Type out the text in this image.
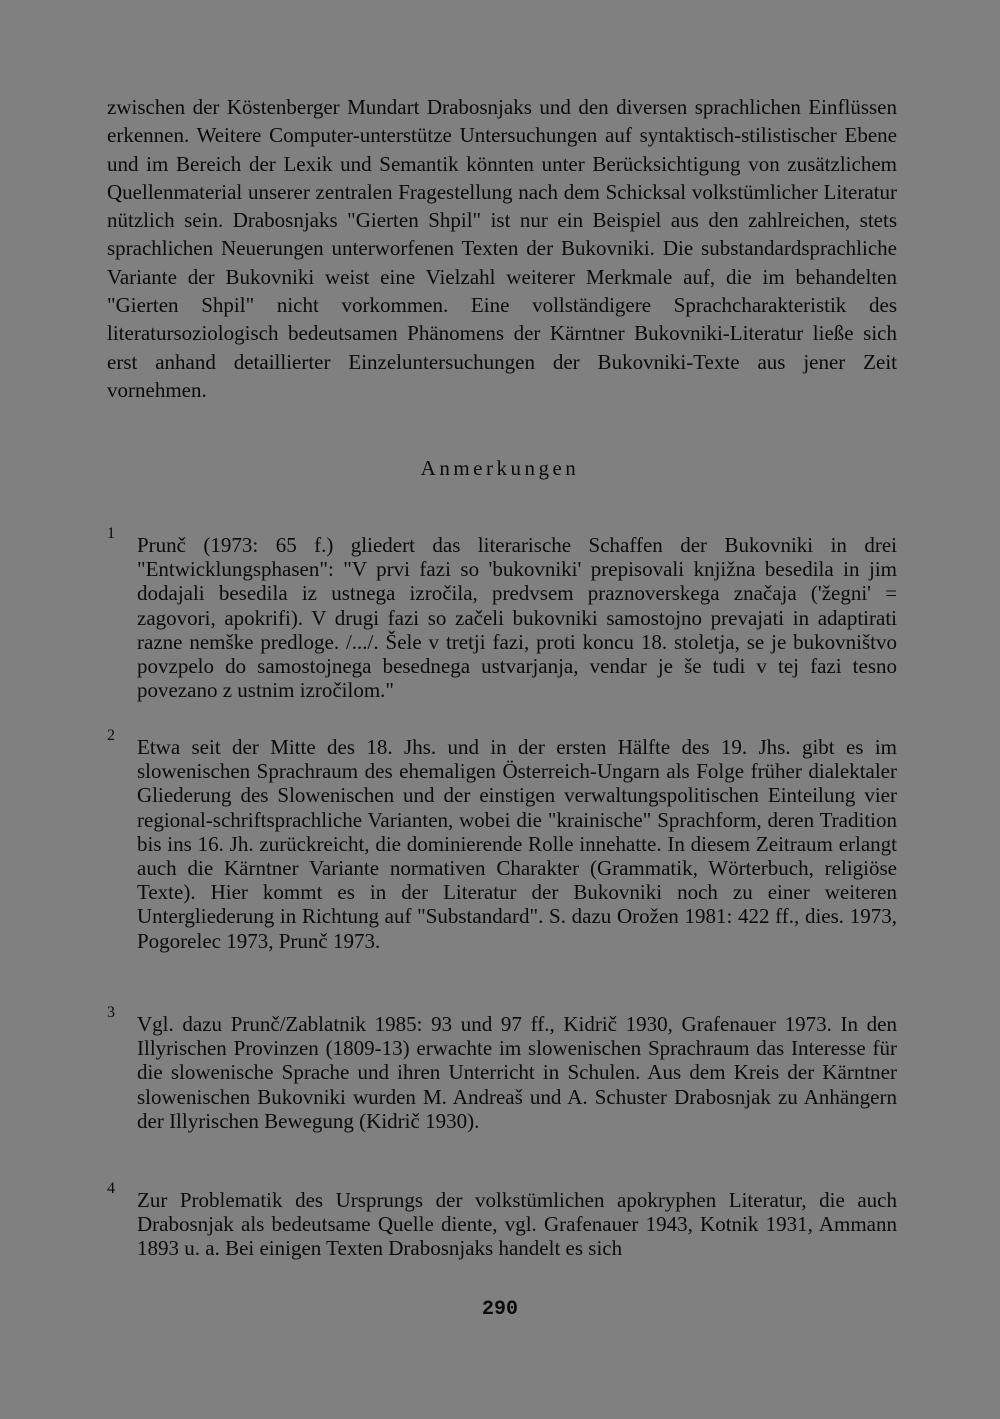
zwischen der Köstenberger Mundart Drabosnjaks und den diversen sprachlichen Einflüssen erkennen. Weitere Computer-unterstütze Untersuchungen auf syntaktisch-stilistischer Ebene und im Bereich der Lexik und Semantik könnten unter Berücksichtigung von zusätzlichem Quellenmaterial unserer zentralen Fragestellung nach dem Schicksal volkstümlicher Literatur nützlich sein. Drabosnjaks "Gierten Shpil" ist nur ein Beispiel aus den zahlreichen, stets sprachlichen Neuerungen unterworfenen Texten der Bukovniki. Die substandardsprachliche Variante der Bukovniki weist eine Vielzahl weiterer Merkmale auf, die im behandelten "Gierten Shpil" nicht vorkommen. Eine vollständigere Sprachcharakteristik des literatursoziologisch bedeutsamen Phänomens der Kärntner Bukovniki-Literatur ließe sich erst anhand detaillierter Einzeluntersuchungen der Bukovniki-Texte aus jener Zeit vornehmen.

Anmerkungen
1 Prunč (1973: 65 f.) gliedert das literarische Schaffen der Bukovniki in drei "Entwicklungsphasen": "V prvi fazi so 'bukovniki' prepisovali knjižna besedila in jim dodajali besedila iz ustnega izročila, predvsem praznoverskega značaja ('žegni' = zagovori, apokrifi). V drugi fazi so začeli bukovniki samostojno prevajati in adaptirati razne nemške predloge. /.../. Šele v tretji fazi, proti koncu 18. stoletja, se je bukovništvo povzpelo do samostojnega besednega ustvarjanja, vendar je še tudi v tej fazi tesno povezano z ustnim izročilom."

2 Etwa seit der Mitte des 18. Jhs. und in der ersten Hälfte des 19. Jhs. gibt es im slowenischen Sprachraum des ehemaligen Österreich-Ungarn als Folge früher dialektaler Gliederung des Slowenischen und der einstigen verwaltungspolitischen Einteilung vier regional-schriftsprachliche Varianten, wobei die "krainische" Sprachform, deren Tradition bis ins 16. Jh. zurückreicht, die dominierende Rolle innehatte. In diesem Zeitraum erlangt auch die Kärntner Variante normativen Charakter (Grammatik, Wörterbuch, religiöse Texte). Hier kommt es in der Literatur der Bukovniki noch zu einer weiteren Untergliederung in Richtung auf "Substandard". S. dazu Orožen 1981: 422 ff., dies. 1973, Pogorelec 1973, Prunč 1973.

3 Vgl. dazu Prunč/Zablatnik 1985: 93 und 97 ff., Kidrič 1930, Grafenauer 1973. In den Illyrischen Provinzen (1809-13) erwachte im slowenischen Sprachraum das Interesse für die slowenische Sprache und ihren Unterricht in Schulen. Aus dem Kreis der Kärntner slowenischen Bukovniki wurden M. Andreaš und A. Schuster Drabosnjak zu Anhängern der Illyrischen Bewegung (Kidrič 1930).

4 Zur Problematik des Ursprungs der volkstümlichen apokryphen Literatur, die auch Drabosnjak als bedeutsame Quelle diente, vgl. Grafenauer 1943, Kotnik 1931, Ammann 1893 u. a. Bei einigen Texten Drabosnjaks handelt es sich

290
